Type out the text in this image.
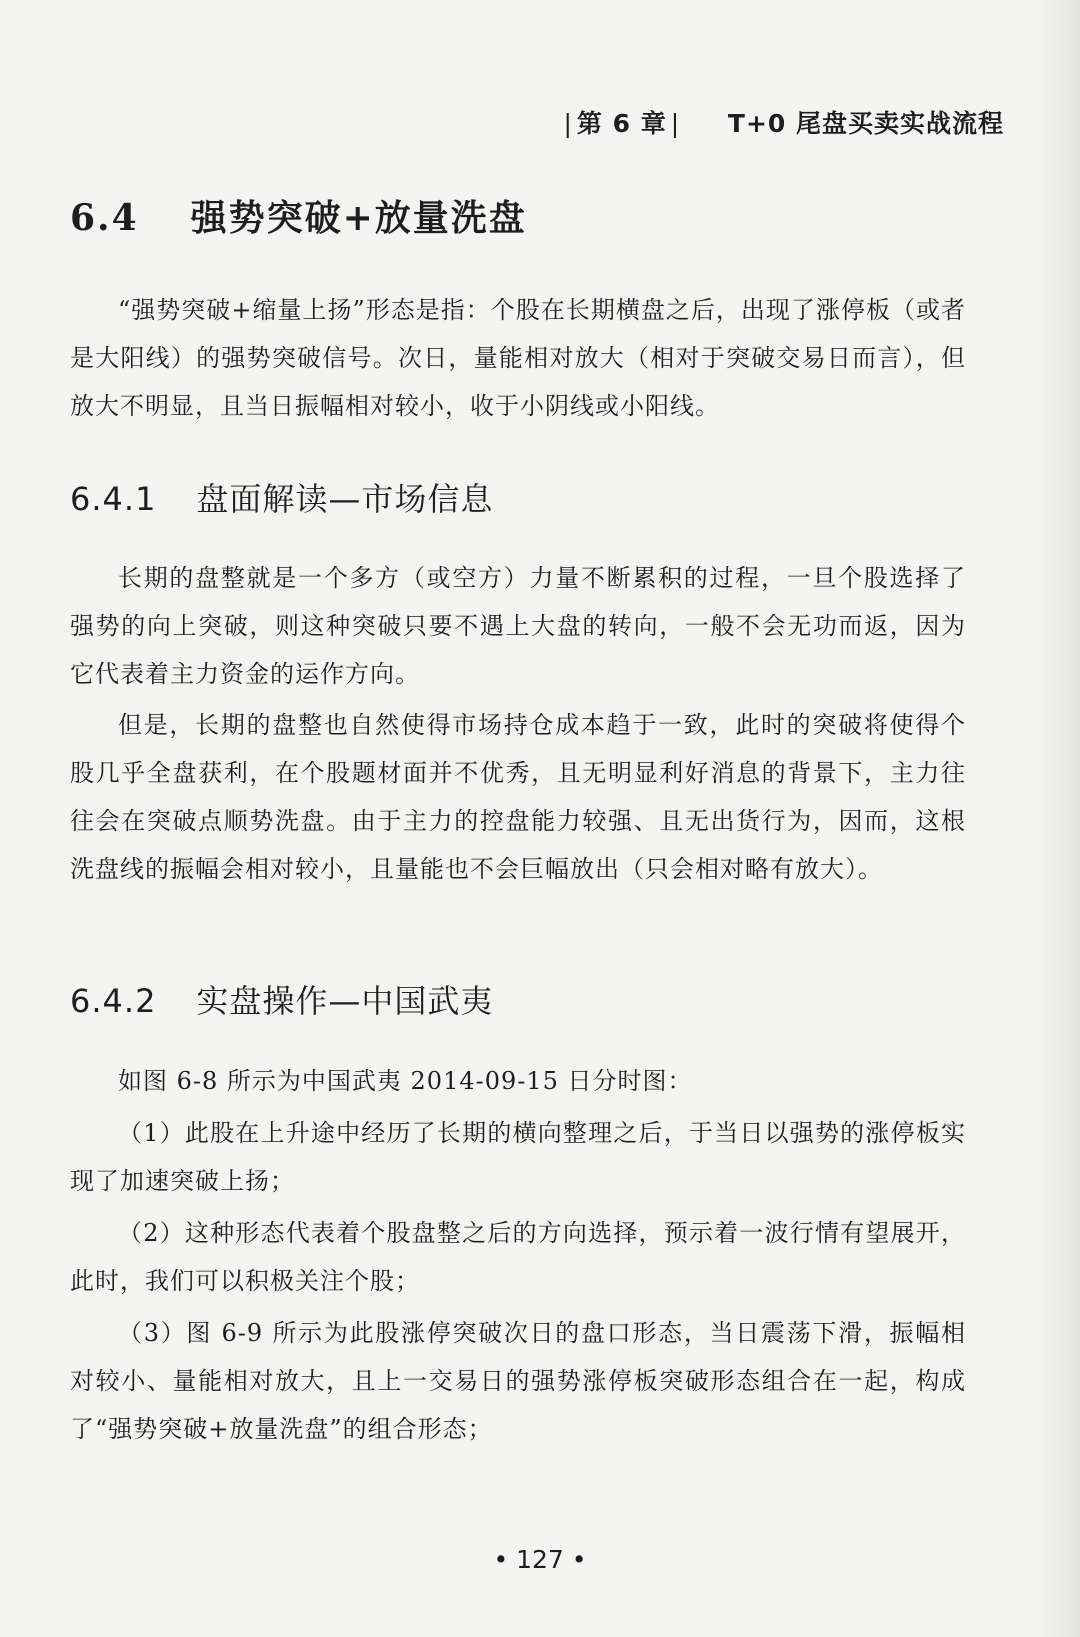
| 第 6 章 | T+0 尾盘买卖实战流程
6.4 强势突破+放量洗盘

“强势突破+缩量上扬”形态是指：个股在长期横盘之后，出现了涨停板（或者是大阳线）的强势突破信号。次日，量能相对放大（相对于突破交易日而言），但放大不明显，且当日振幅相对较小，收于小阴线或小阳线。

6.4.1 盘面解读—市场信息

长期的盘整就是一个多方（或空方）力量不断累积的过程，一旦个股选择了强势的向上突破，则这种突破只要不遇上大盘的转向，一般不会无功而返，因为它代表着主力资金的运作方向。

但是，长期的盘整也自然使得市场持仓成本趋于一致，此时的突破将使得个股几乎全盘获利，在个股题材面并不优秀，且无明显利好消息的背景下，主力往往会在突破点顺势洗盘。由于主力的控盘能力较强、且无出货行为，因而，这根洗盘线的振幅会相对较小，且量能也不会巨幅放出（只会相对略有放大）。

6.4.2 实盘操作—中国武夷

如图 6-8 所示为中国武夷 2014-09-15 日分时图：

（1）此股在上升途中经历了长期的横向整理之后，于当日以强势的涨停板实现了加速突破上扬；

（2）这种形态代表着个股盘整之后的方向选择，预示着一波行情有望展开，此时，我们可以积极关注个股；

（3）图 6-9 所示为此股涨停突破次日的盘口形态，当日震荡下滑，振幅相对较小、量能相对放大，且上一交易日的强势涨停板突破形态组合在一起，构成了“强势突破+放量洗盘”的组合形态；

• 127 •
